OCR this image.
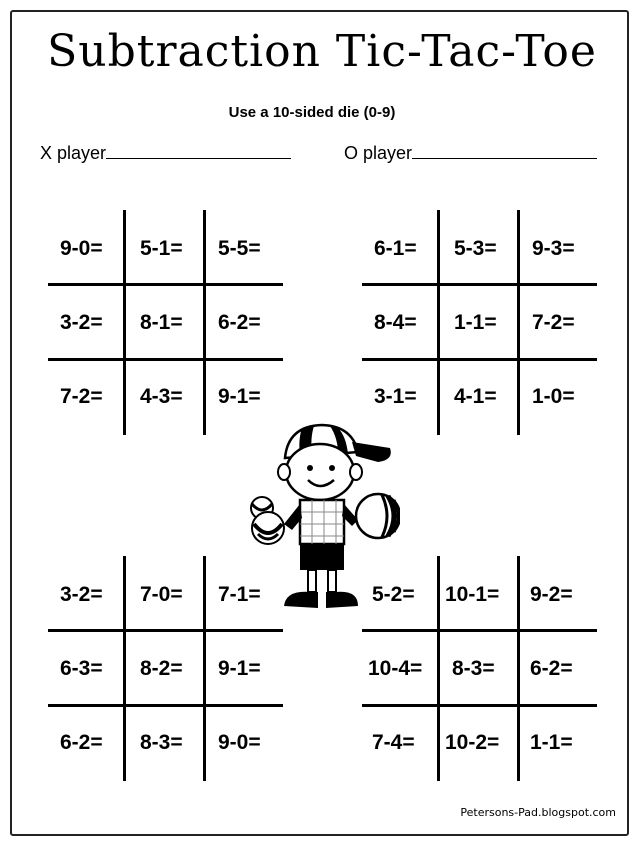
Subtraction Tic-Tac-Toe
Use a 10-sided die (0-9)
X player	O player
9-0= 5-1= 5-5=
3-2= 8-1= 6-2=
7-2= 4-3= 9-1=
6-1= 5-3= 9-3=
8-4= 1-1= 7-2=
3-1= 4-1= 1-0=
3-2= 7-0= 7-1=
6-3= 8-2= 9-1=
6-2= 8-3= 9-0=
5-2= 10-1= 9-2=
10-4= 8-3= 6-2=
7-4= 10-2= 1-1=
Petersons-Pad.blogspot.com
